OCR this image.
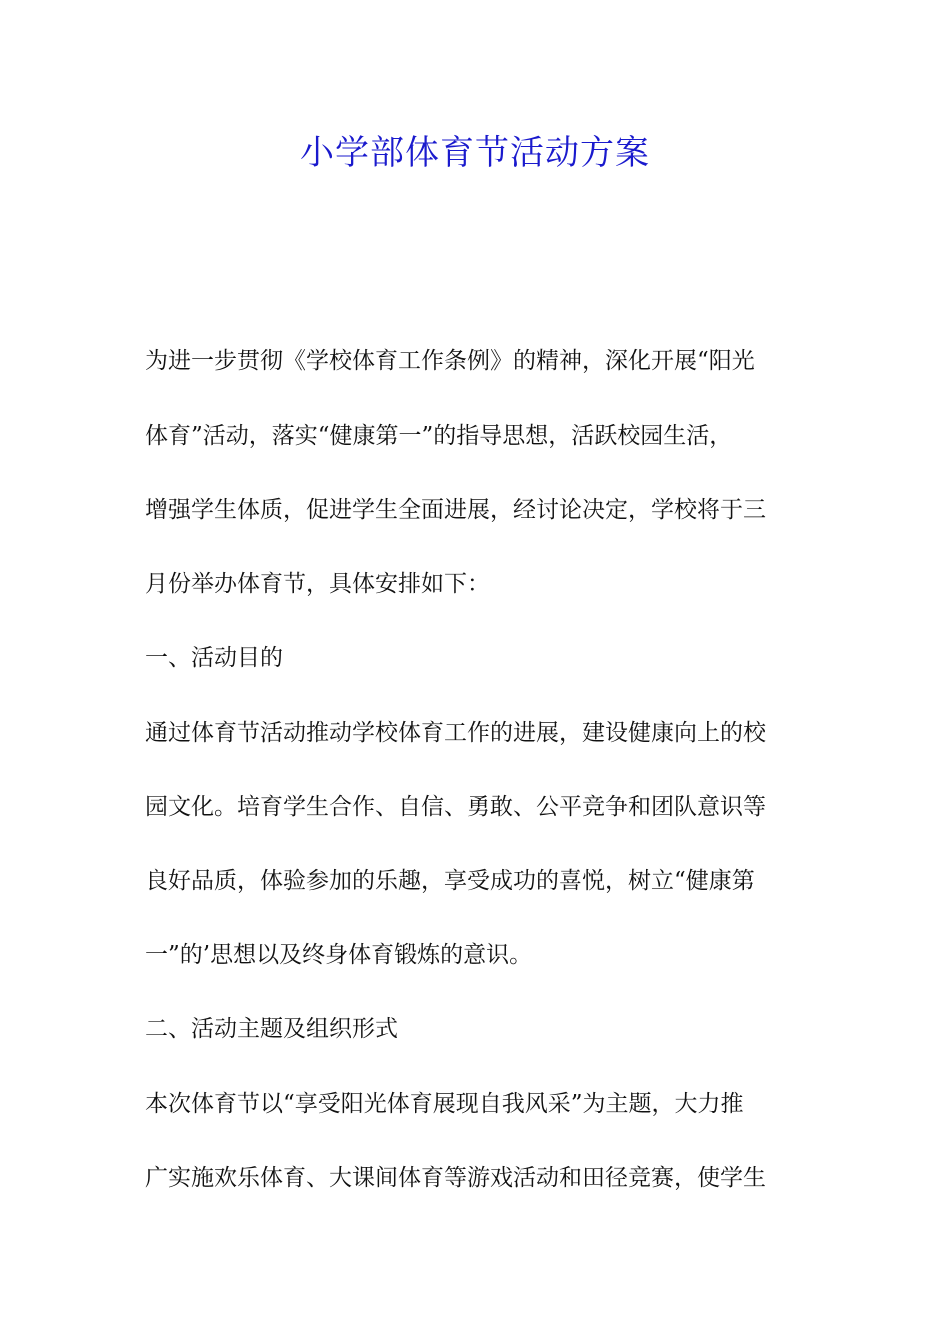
小学部体育节活动方案

为进一步贯彻《学校体育工作条例》的精神，深化开展“阳光

体育”活动，落实“健康第一”的指导思想，活跃校园生活，

增强学生体质，促进学生全面进展，经讨论决定，学校将于三

月份举办体育节，具体安排如下：

一、活动目的

通过体育节活动推动学校体育工作的进展，建设健康向上的校

园文化。培育学生合作、自信、勇敢、公平竞争和团队意识等

良好品质，体验参加的乐趣，享受成功的喜悦，树立“健康第

一”的’思想以及终身体育锻炼的意识。

二、活动主题及组织形式

本次体育节以“享受阳光体育展现自我风采”为主题，大力推

广实施欢乐体育、大课间体育等游戏活动和田径竞赛，使学生
